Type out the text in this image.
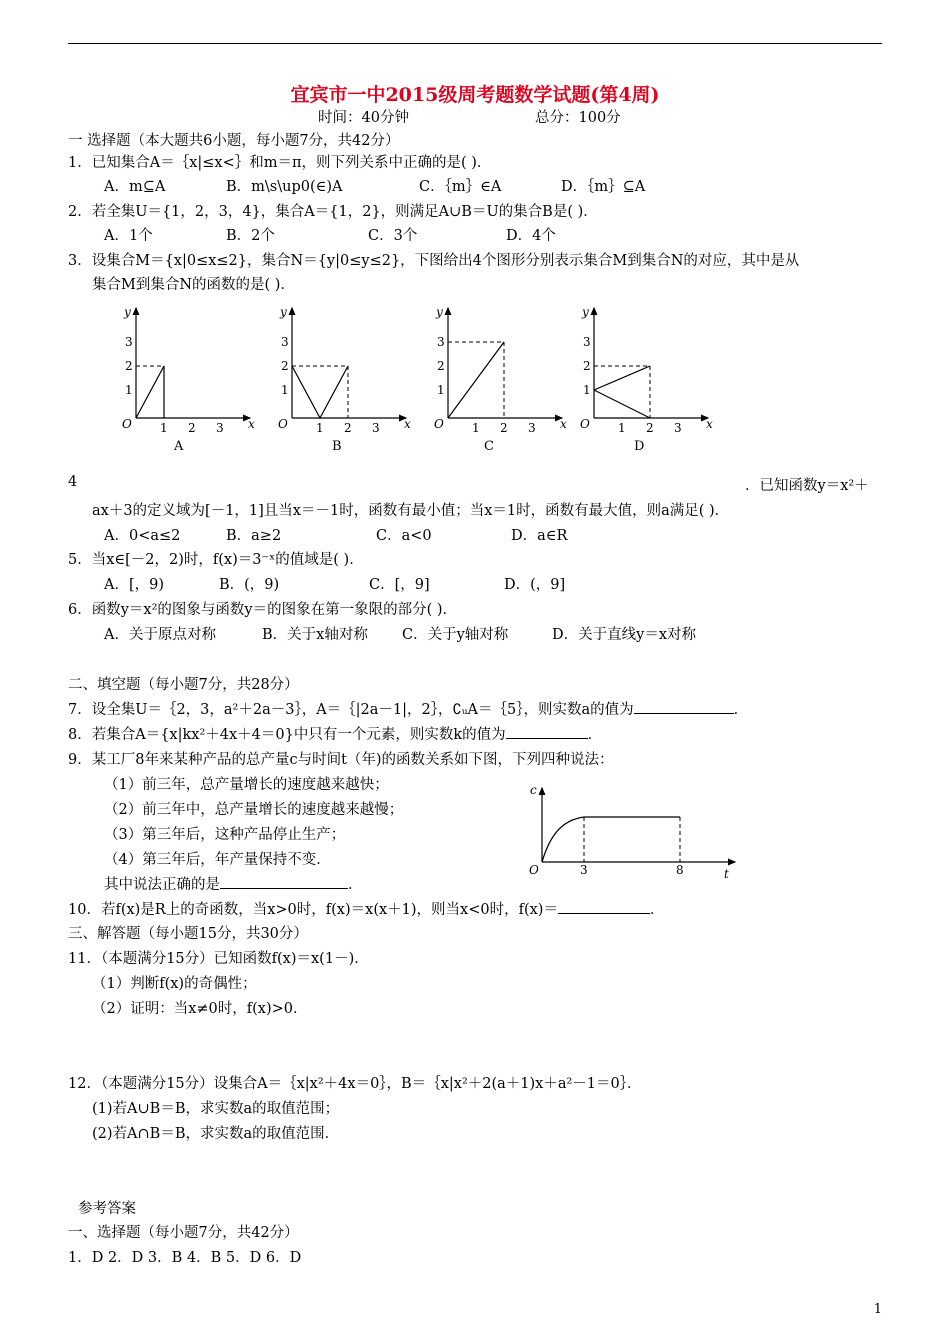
宜宾市一中2015级周考题数学试题(第4周)
时间：40分钟	总分：100分
一 选择题（本大题共6小题，每小题7分，共42分）
1．已知集合A＝｛x|≤x<｝和m＝π，则下列关系中正确的是( )．
A．m⊆A	B．m\s\up0(∈)A	C．｛m｝∈A	D．｛m｝⊆A
2．若全集U＝{1，2，3，4}，集合A＝{1，2}，则满足A∪B＝U的集合B是( )．
A．1个	B．2个	C．3个	D．4个
3．设集合M＝{x|0≤x≤2}，集合N＝{y|0≤y≤2}，下图给出4个图形分别表示集合M到集合N的对应，其中是从
集合M到集合N的函数的是( )．
y
x
O
1
2
3
1 2 3
A
y
x
O
1
2
3
1 2 3
B
y
x
O
1
2
3
1 2 3
C
y
x
O
1
2
3
1 2 3
D
4	．已知函数y＝x²＋
ax＋3的定义域为[－1，1]且当x＝－1时，函数有最小值；当x＝1时，函数有最大值，则a满足( )．
A．0<a≤2	B．a≥2	C．a<0	D．a∈R
5．当x∈[－2，2)时，f(x)＝3⁻ˣ的值域是( )．
A．[，9)	B．(，9)	C．[，9]	D．(，9]
6．函数y＝x²的图象与函数y＝的图象在第一象限的部分( )．
A．关于原点对称	B．关于x轴对称 C．关于y轴对称	D．关于直线y＝x对称
二、填空题（每小题7分，共28分）
7．设全集U＝｛2，3，a²＋2a－3｝，A＝｛|2a－1|，2｝，∁ᵤA＝｛5｝，则实数a的值为	．
8．若集合A＝{x|kx²＋4x＋4＝0}中只有一个元素，则实数k的值为	．
9．某工厂8年来某种产品的总产量c与时间t（年)的函数关系如下图，下列四种说法：
（1）前三年，总产量增长的速度越来越快；
（2）前三年中，总产量增长的速度越来越慢；
（3）第三年后，这种产品停止生产；
（4）第三年后，年产量保持不变．
其中说法正确的是	．
c
t
O	3	8
10．若f(x)是R上的奇函数，当x>0时，f(x)＝x(x＋1)，则当x<0时，f(x)＝	．
三、解答题（每小题15分，共30分）
11．（本题满分15分）已知函数f(x)＝x(1－)．
（1）判断f(x)的奇偶性；
（2）证明：当x≠0时，f(x)>0．
12．（本题满分15分）设集合A＝｛x|x²＋4x＝0｝，B＝｛x|x²＋2(a＋1)x＋a²－1＝0｝．
(1)若A∪B＝B，求实数a的取值范围；
(2)若A∩B＝B，求实数a的取值范围．
参考答案
一、选择题（每小题7分，共42分）
1．D 2．D 3．B 4．B 5．D 6．D
1
